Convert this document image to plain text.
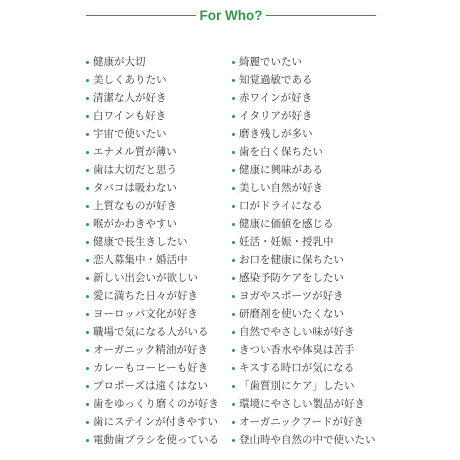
For Who?
健康が大切
美しくありたい
清潔な人が好き
白ワインも好き
宇宙で使いたい
エナメル質が薄い
歯は大切だと思う
タバコは吸わない
上質なものが好き
喉がかわきやすい
健康で長生きしたい
恋人募集中・婚活中
新しい出会いが欲しい
愛に満ちた日々が好き
ヨーロッパ文化が好き
職場で気になる人がいる
オーガニック精油が好き
カレーもコーヒーも好き
プロポーズは遠くはない
歯をゆっくり磨くのが好き
歯にステインが付きやすい
電動歯ブラシを使っている
綺麗でいたい
知覚過敏である
赤ワインが好き
イタリアが好き
磨き残しが多い
歯を白く保ちたい
健康に興味がある
美しい自然が好き
口がドライになる
健康に価値を感じる
妊活・妊娠・授乳中
お口を健康に保ちたい
感染予防ケアをしたい
ヨガやスポーツが好き
研磨剤を使いたくない
自然でやさしい味が好き
きつい香水や体臭は苦手
キスする時口が気になる
「歯質別にケア」したい
環境にやさしい製品が好き
オーガニックフードが好き
登山時や自然の中で使いたい
